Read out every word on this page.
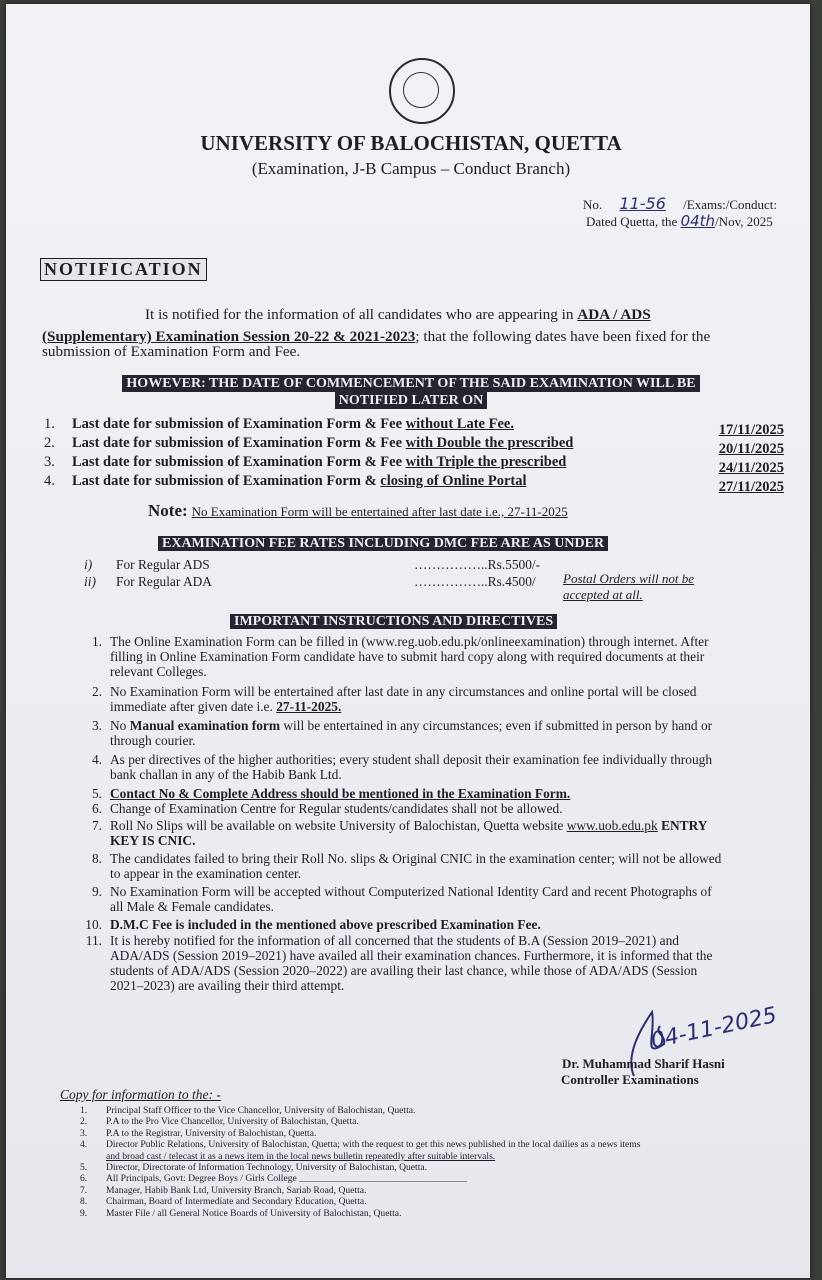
UNIVERSITY OF BALOCHISTAN, QUETTA
(Examination, J-B Campus – Conduct Branch)
No. 11-56 /Exams:/Conduct:
Dated Quetta, the 04th/Nov, 2025
NOTIFICATION
It is notified for the information of all candidates who are appearing in ADA / ADS
(Supplementary) Examination Session 20-22 & 2021-2023; that the following dates have been fixed for the
submission of Examination Form and Fee.
HOWEVER: THE DATE OF COMMENCEMENT OF THE SAID EXAMINATION WILL BE
NOTIFIED LATER ON
1. Last date for submission of Examination Form & Fee without Late Fee.	17/11/2025
2. Last date for submission of Examination Form & Fee with Double the prescribed	20/11/2025
3. Last date for submission of Examination Form & Fee with Triple the prescribed	24/11/2025
4. Last date for submission of Examination Form & closing of Online Portal	27/11/2025
Note: No Examination Form will be entertained after last date i.e., 27-11-2025
EXAMINATION FEE RATES INCLUDING DMC FEE ARE AS UNDER
i) For Regular ADS	……………..Rs.5500/-
ii) For Regular ADA	……………..Rs.4500/ Postal Orders will not be
accepted at all.
IMPORTANT INSTRUCTIONS AND DIRECTIVES
1. The Online Examination Form can be filled in (www.reg.uob.edu.pk/onlineexamination) through internet. After
filling in Online Examination Form candidate have to submit hard copy along with required documents at their
relevant Colleges.
2. No Examination Form will be entertained after last date in any circumstances and online portal will be closed
immediate after given date i.e. 27-11-2025.
3. No Manual examination form will be entertained in any circumstances; even if submitted in person by hand or
through courier.
4. As per directives of the higher authorities; every student shall deposit their examination fee individually through
bank challan in any of the Habib Bank Ltd.
5. Contact No & Complete Address should be mentioned in the Examination Form.
6. Change of Examination Centre for Regular students/candidates shall not be allowed.
7. Roll No Slips will be available on website University of Balochistan, Quetta website www.uob.edu.pk ENTRY
KEY IS CNIC.
8. The candidates failed to bring their Roll No. slips & Original CNIC in the examination center; will not be allowed
to appear in the examination center.
9. No Examination Form will be accepted without Computerized National Identity Card and recent Photographs of
all Male & Female candidates.
10. D.M.C Fee is included in the mentioned above prescribed Examination Fee.
11. It is hereby notified for the information of all concerned that the students of B.A (Session 2019–2021) and
ADA/ADS (Session 2019–2021) have availed all their examination chances. Furthermore, it is informed that the
students of ADA/ADS (Session 2020–2022) are availing their last chance, while those of ADA/ADS (Session
2021–2023) are availing their third attempt.
04-11-2025
Dr. Muhammad Sharif Hasni
Controller Examinations
Copy for information to the: -
1. Principal Staff Officer to the Vice Chancellor, University of Balochistan, Quetta.
2. P.A to the Pro Vice Chancellor, University of Balochistan, Quetta.
3. P.A to the Registrar, University of Balochistan, Quetta.
4. Director Public Relations, University of Balochistan, Quetta; with the request to get this news published in the local dailies as a news items
and broad cast / telecast it as a news item in the local news bulletin repeatedly after suitable intervals.
5. Director, Directorate of Information Technology, University of Balochistan, Quetta.
6. All Principals, Govt: Degree Boys / Girls College ___________________________________
7. Manager, Habib Bank Ltd, University Branch, Sariab Road, Quetta.
8. Chairman, Board of Intermediate and Secondary Education, Quetta.
9. Master File / all General Notice Boards of University of Balochistan, Quetta.
